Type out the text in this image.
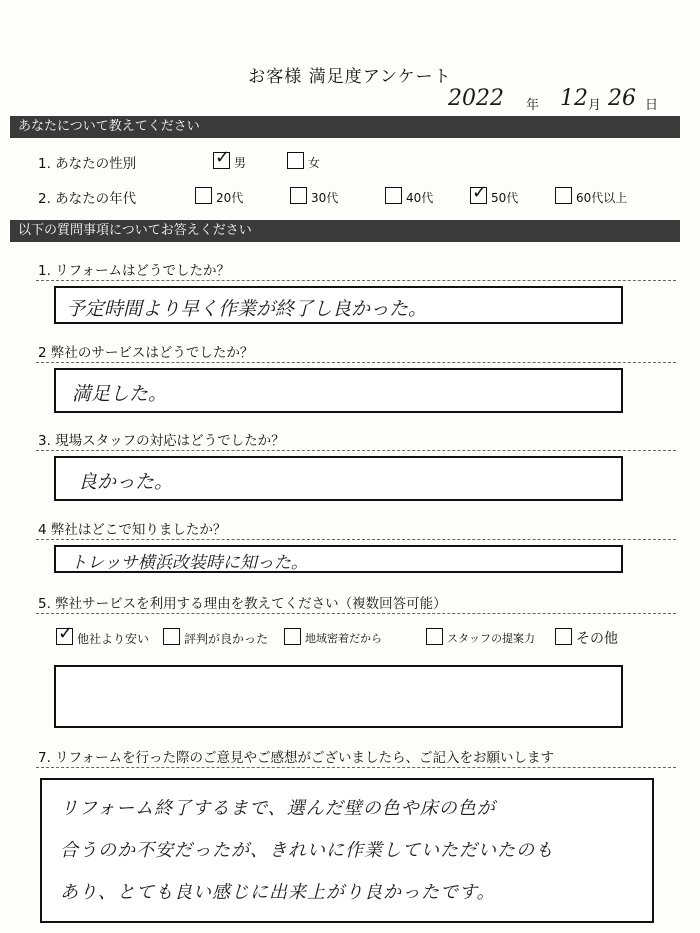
お客様 満足度アンケート
2022 年 12 月 26 日
あなたについて教えてください
1. あなたの性別	✓ 男	女
2. あなたの年代	20代	30代	40代 ✓ 50代	60代以上
以下の質問事項についてお答えください
1. リフォームはどうでしたか？
予定時間より早く作業が終了し良かった。
2 弊社のサービスはどうでしたか？
満足した。
3. 現場スタッフの対応はどうでしたか？
良かった。
4 弊社はどこで知りましたか？
トレッサ横浜改装時に知った。
5. 弊社サービスを利用する理由を教えてください（複数回答可能）
✓ 他社より安い	評判が良かった	地域密着だから	スタッフの提案力	その他
7. リフォームを行った際のご意見やご感想がございましたら、ご記入をお願いします
リフォーム終了するまで、選んだ壁の色や床の色が
合うのか不安だったが、きれいに作業していただいたのも
あり、とても良い感じに出来上がり良かったです。
